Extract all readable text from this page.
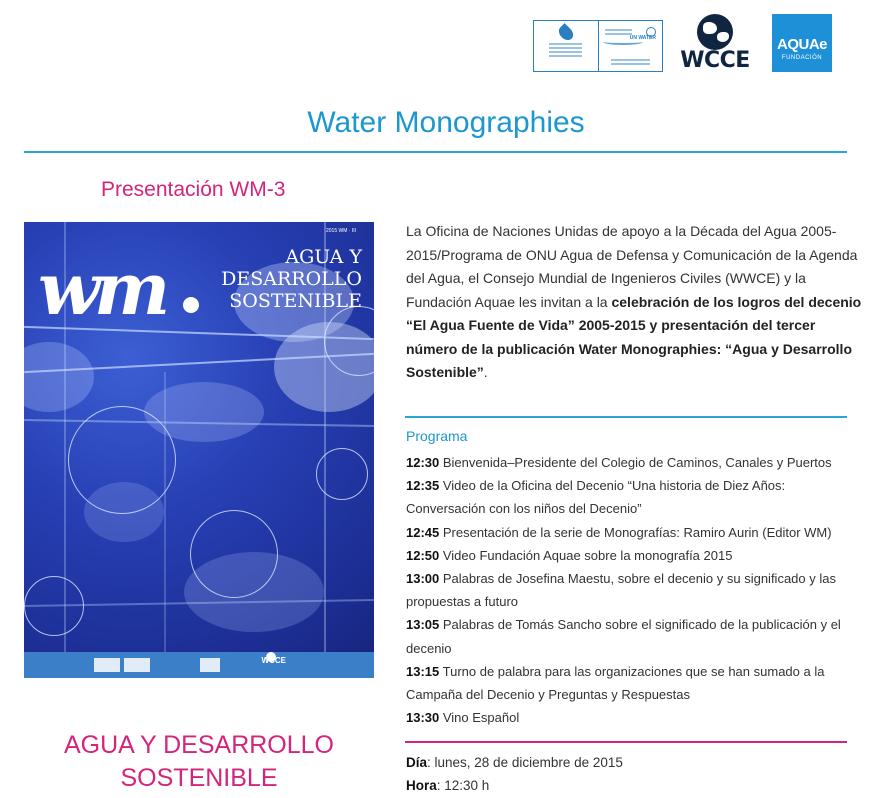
UN WATER
WCCE
AQUAe
FUNDACIÓN
Water Monographies
Presentación WM-3
2015 WM · III
wm	AGUA Y
DESARROLLO
SOSTENIBLE
WCCE
AGUA Y DESARROLLO
SOSTENIBLE

La Oficina de Naciones Unidas de apoyo a la Década del Agua 2005-2015/Programa de ONU Agua de Defensa y Comunicación de la Agenda del Agua, el Consejo Mundial de Ingenieros Civiles (WWCE) y la Fundación Aquae les invitan a la celebración de los logros del decenio “El Agua Fuente de Vida” 2005-2015 y presentación del tercer número de la publicación Water Monographies: “Agua y Desarrollo Sostenible”.

Programa
12:30 Bienvenida–Presidente del Colegio de Caminos, Canales y Puertos
12:35 Video de la Oficina del Decenio “Una historia de Diez Años: Conversación con los niños del Decenio”
12:45 Presentación de la serie de Monografías: Ramiro Aurin (Editor WM)
12:50 Video Fundación Aquae sobre la monografía 2015
13:00 Palabras de Josefina Maestu, sobre el decenio y su significado y las propuestas a futuro
13:05 Palabras de Tomás Sancho sobre el significado de la publicación y el decenio
13:15 Turno de palabra para las organizaciones que se han sumado a la Campaña del Decenio y Preguntas y Respuestas
13:30 Vino Español
Día: lunes, 28 de diciembre de 2015
Hora: 12:30 h
